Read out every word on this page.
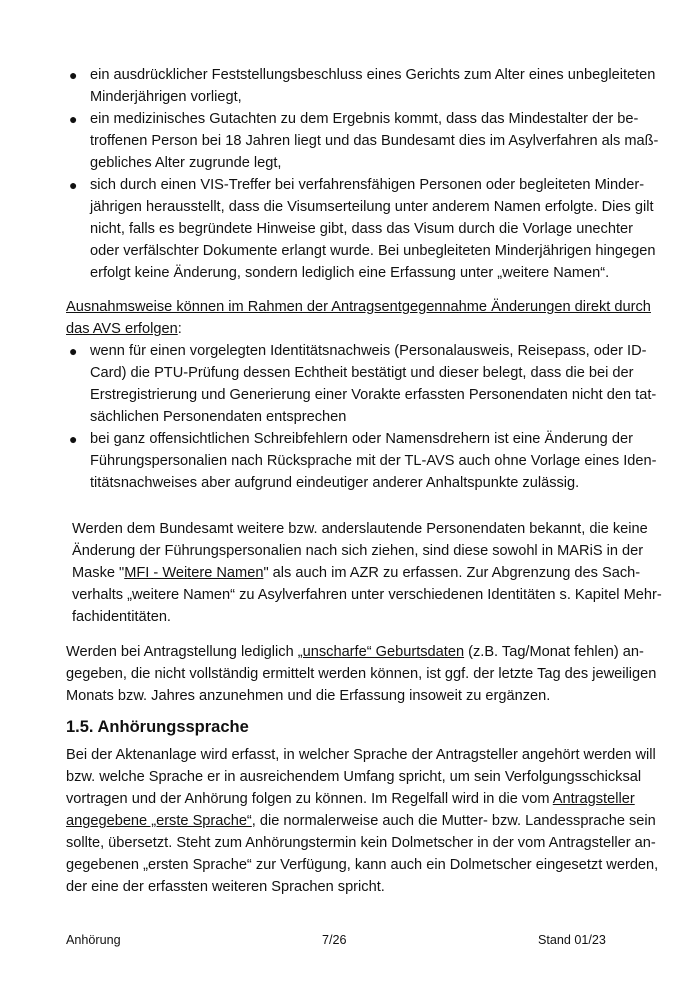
● ein ausdrücklicher Feststellungsbeschluss eines Gerichts zum Alter eines unbegleiteten
Minderjährigen vorliegt,
● ein medizinisches Gutachten zu dem Ergebnis kommt, dass das Mindestalter der be-
troffenen Person bei 18 Jahren liegt und das Bundesamt dies im Asylverfahren als maß-
gebliches Alter zugrunde legt,
● sich durch einen VIS-Treffer bei verfahrensfähigen Personen oder begleiteten Minder-
jährigen herausstellt, dass die Visumserteilung unter anderem Namen erfolgte. Dies gilt
nicht, falls es begründete Hinweise gibt, dass das Visum durch die Vorlage unechter
oder verfälschter Dokumente erlangt wurde. Bei unbegleiteten Minderjährigen hingegen
erfolgt keine Änderung, sondern lediglich eine Erfassung unter „weitere Namen“.
Ausnahmsweise können im Rahmen der Antragsentgegennahme Änderungen direkt durch
das AVS erfolgen:
● wenn für einen vorgelegten Identitätsnachweis (Personalausweis, Reisepass, oder ID-
Card) die PTU-Prüfung dessen Echtheit bestätigt und dieser belegt, dass die bei der
Erstregistrierung und Generierung einer Vorakte erfassten Personendaten nicht den tat-
sächlichen Personendaten entsprechen
● bei ganz offensichtlichen Schreibfehlern oder Namensdrehern ist eine Änderung der
Führungspersonalien nach Rücksprache mit der TL-AVS auch ohne Vorlage eines Iden-
titätsnachweises aber aufgrund eindeutiger anderer Anhaltspunkte zulässig.
Werden dem Bundesamt weitere bzw. anderslautende Personendaten bekannt, die keine
Änderung der Führungspersonalien nach sich ziehen, sind diese sowohl in MARiS in der
Maske "MFI - Weitere Namen" als auch im AZR zu erfassen. Zur Abgrenzung des Sach-
verhalts „weitere Namen“ zu Asylverfahren unter verschiedenen Identitäten s. Kapitel Mehr-
fachidentitäten.
Werden bei Antragstellung lediglich „unscharfe“ Geburtsdaten (z.B. Tag/Monat fehlen) an-
gegeben, die nicht vollständig ermittelt werden können, ist ggf. der letzte Tag des jeweiligen
Monats bzw. Jahres anzunehmen und die Erfassung insoweit zu ergänzen.
1.5. Anhörungssprache
Bei der Aktenanlage wird erfasst, in welcher Sprache der Antragsteller angehört werden will
bzw. welche Sprache er in ausreichendem Umfang spricht, um sein Verfolgungsschicksal
vortragen und der Anhörung folgen zu können. Im Regelfall wird in die vom Antragsteller
angegebene „erste Sprache“, die normalerweise auch die Mutter- bzw. Landessprache sein
sollte, übersetzt. Steht zum Anhörungstermin kein Dolmetscher in der vom Antragsteller an-
gegebenen „ersten Sprache“ zur Verfügung, kann auch ein Dolmetscher eingesetzt werden,
der eine der erfassten weiteren Sprachen spricht.
Anhörung	7/26	Stand 01/23
